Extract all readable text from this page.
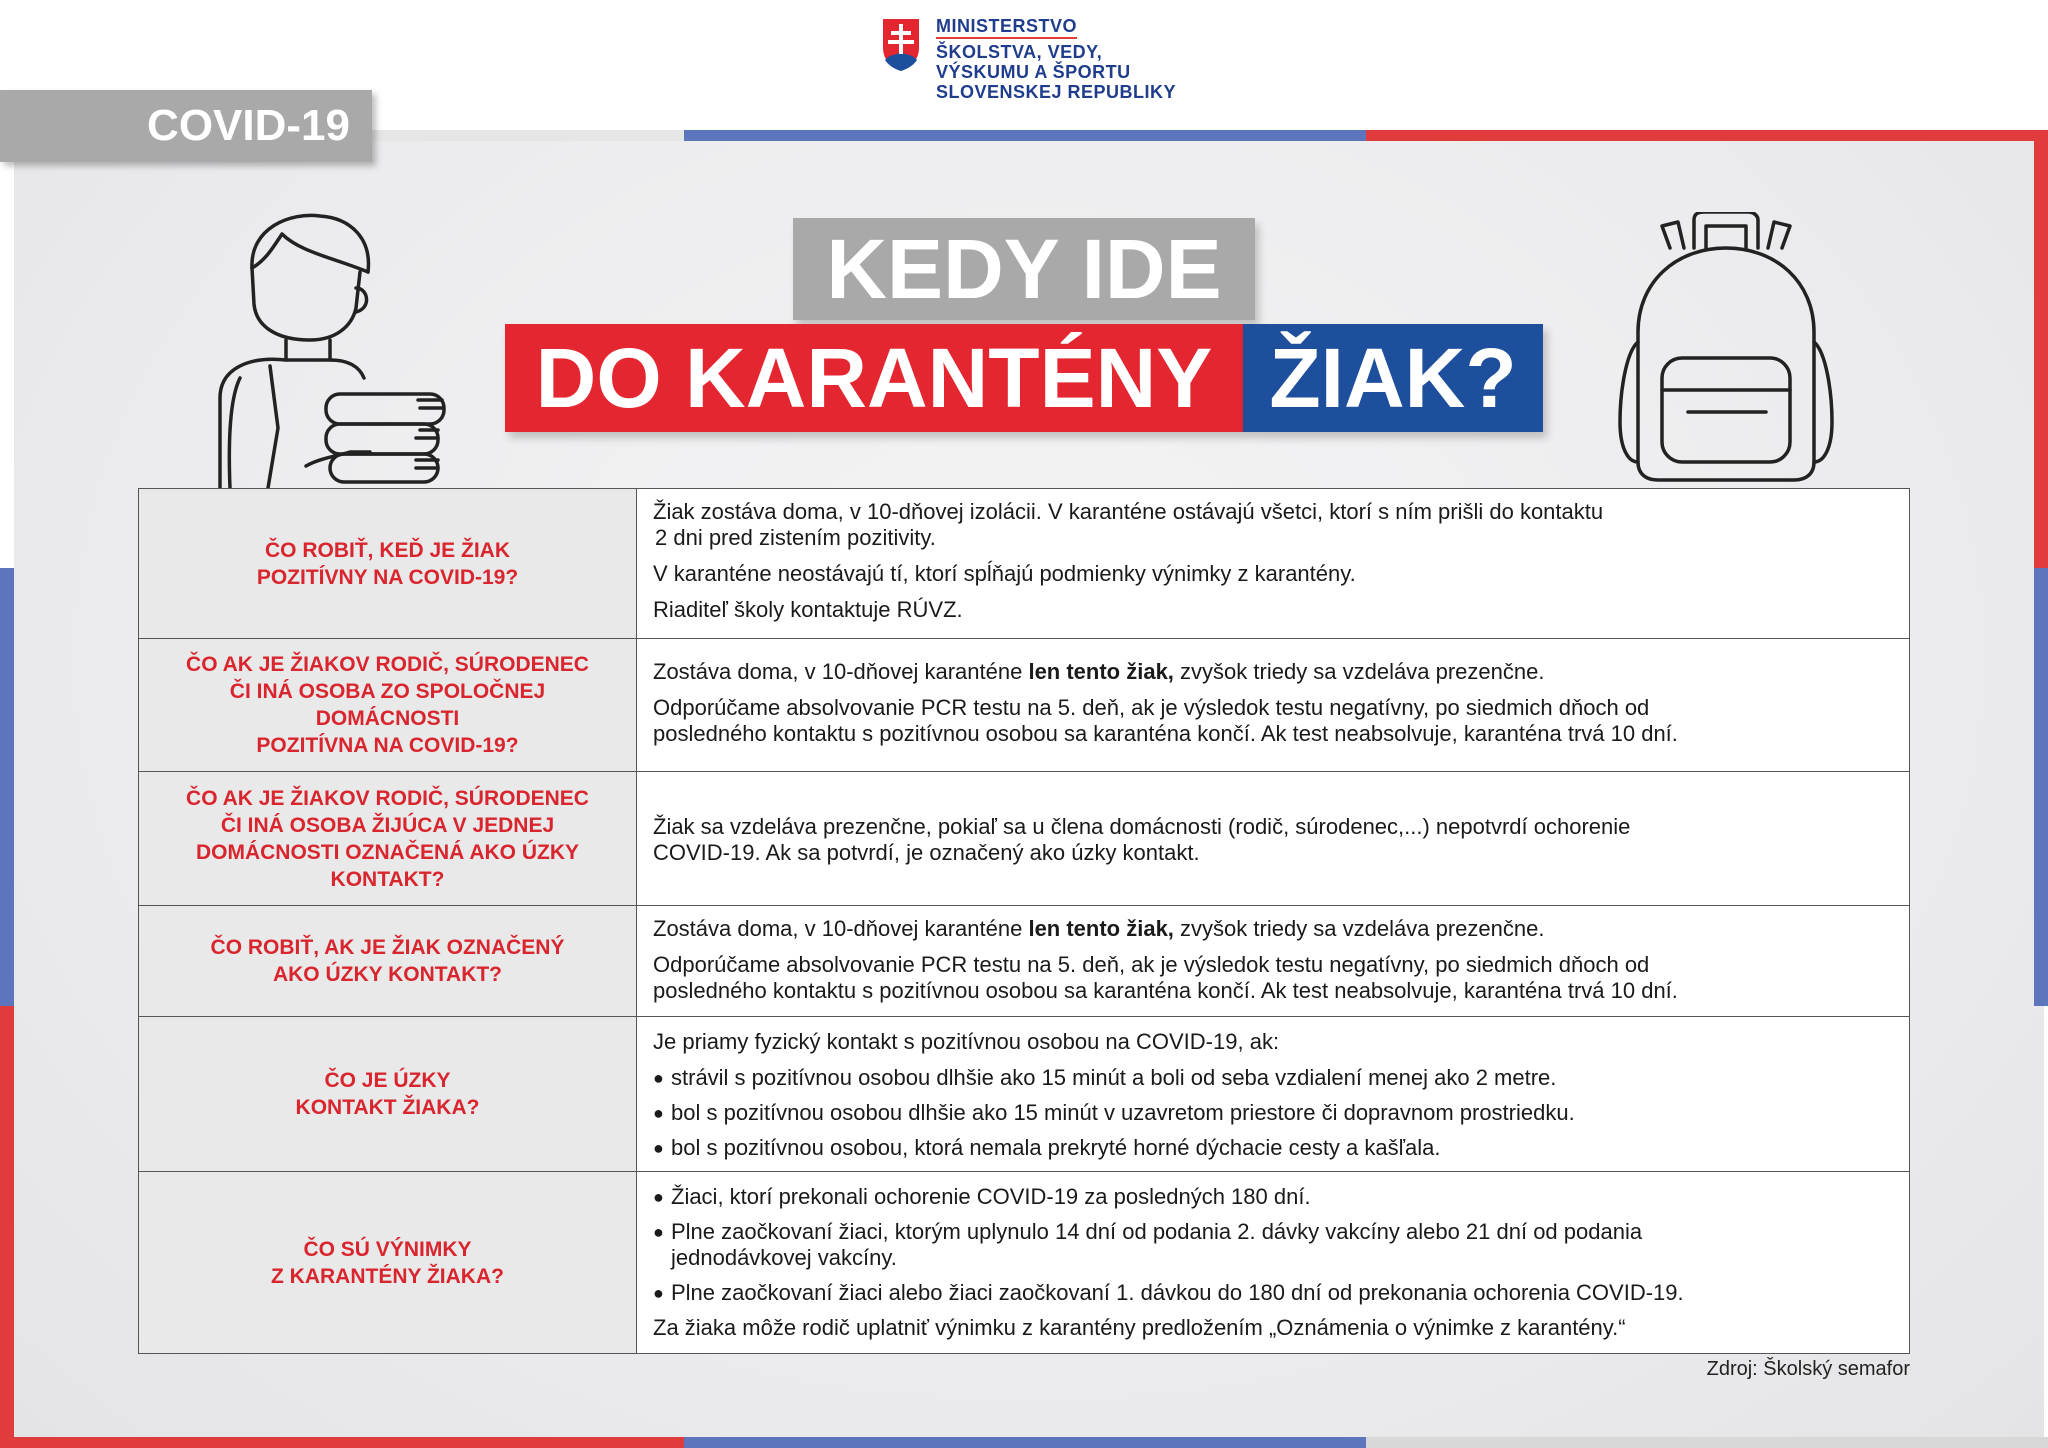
COVID-19
MINISTERSTVO
ŠKOLSTVA, VEDY,
VÝSKUMU A ŠPORTU
SLOVENSKEJ REPUBLIKY
KEDY IDE
DO KARANTÉNY ŽIAK?
ČO ROBIŤ, KEĎ JE ŽIAK
POZITÍVNY NA COVID-19?

Žiak zostáva doma, v 10-dňovej izolácii. V karanténe ostávajú všetci, ktorí s ním prišli do kontaktu
2 dni pred zistením pozitivity.

V karanténe neostávajú tí, ktorí spĺňajú podmienky výnimky z karantény.

Riaditeľ školy kontaktuje RÚVZ.

ČO AK JE ŽIAKOV RODIČ, SÚRODENEC
ČI INÁ OSOBA ZO SPOLOČNEJ
DOMÁCNOSTI
POZITÍVNA NA COVID-19?

Zostáva doma, v 10-dňovej karanténe len tento žiak, zvyšok triedy sa vzdeláva prezenčne.

Odporúčame absolvovanie PCR testu na 5. deň, ak je výsledok testu negatívny, po siedmich dňoch od
posledného kontaktu s pozitívnou osobou sa karanténa končí. Ak test neabsolvuje, karanténa trvá 10 dní.

ČO AK JE ŽIAKOV RODIČ, SÚRODENEC
ČI INÁ OSOBA ŽIJÚCA V JEDNEJ
DOMÁCNOSTI OZNAČENÁ AKO ÚZKY
KONTAKT?

Žiak sa vzdeláva prezenčne, pokiaľ sa u člena domácnosti (rodič, súrodenec,...) nepotvrdí ochorenie
COVID-19. Ak sa potvrdí, je označený ako úzky kontakt.

ČO ROBIŤ, AK JE ŽIAK OZNAČENÝ
AKO ÚZKY KONTAKT?

Zostáva doma, v 10-dňovej karanténe len tento žiak, zvyšok triedy sa vzdeláva prezenčne.

Odporúčame absolvovanie PCR testu na 5. deň, ak je výsledok testu negatívny, po siedmich dňoch od
posledného kontaktu s pozitívnou osobou sa karanténa končí. Ak test neabsolvuje, karanténa trvá 10 dní.

ČO JE ÚZKY
KONTAKT ŽIAKA?

Je priamy fyzický kontakt s pozitívnou osobou na COVID-19, ak:

● strávil s pozitívnou osobou dlhšie ako 15 minút a boli od seba vzdialení menej ako 2 metre.
● bol s pozitívnou osobou dlhšie ako 15 minút v uzavretom priestore či dopravnom prostriedku.
● bol s pozitívnou osobou, ktorá nemala prekryté horné dýchacie cesty a kašľala.
ČO SÚ VÝNIMKY
Z KARANTÉNY ŽIAKA?
● Žiaci, ktorí prekonali ochorenie COVID-19 za posledných 180 dní.
● Plne zaočkovaní žiaci, ktorým uplynulo 14 dní od podania 2. dávky vakcíny alebo 21 dní od podania
jednodávkovej vakcíny.
● Plne zaočkovaní žiaci alebo žiaci zaočkovaní 1. dávkou do 180 dní od prekonania ochorenia COVID-19.

Za žiaka môže rodič uplatniť výnimku z karantény predložením „Oznámenia o výnimke z karantény.“

Zdroj: Školský semafor
